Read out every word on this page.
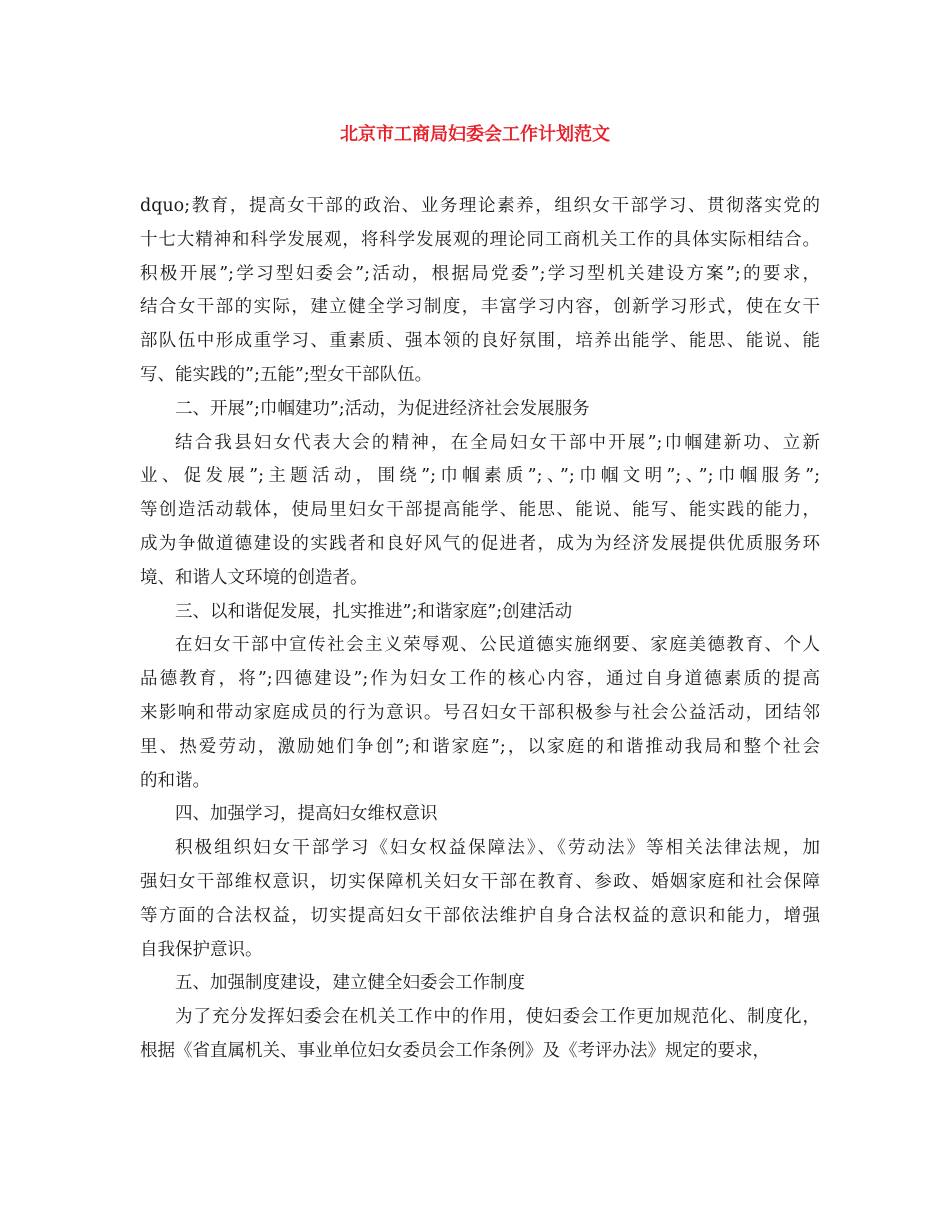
北京市工商局妇委会工作计划范文
dquo;教育，提高女干部的政治、业务理论素养，组织女干部学习、贯彻落实党的
十七大精神和科学发展观，将科学发展观的理论同工商机关工作的具体实际相结合。
积极开展”;学习型妇委会”;活动，根据局党委”;学习型机关建设方案”;的要求，
结合女干部的实际，建立健全学习制度，丰富学习内容，创新学习形式，使在女干
部队伍中形成重学习、重素质、强本领的良好氛围，培养出能学、能思、能说、能
写、能实践的”;五能”;型女干部队伍。
二、开展”;巾帼建功”;活动，为促进经济社会发展服务
结合我县妇女代表大会的精神，在全局妇女干部中开展”;巾帼建新功、立新
业、促发展”;主题活动，围绕”;巾帼素质”;、”;巾帼文明”;、”;巾帼服务”;
等创造活动载体，使局里妇女干部提高能学、能思、能说、能写、能实践的能力，
成为争做道德建设的实践者和良好风气的促进者，成为为经济发展提供优质服务环
境、和谐人文环境的创造者。
三、以和谐促发展，扎实推进”;和谐家庭”;创建活动
在妇女干部中宣传社会主义荣辱观、公民道德实施纲要、家庭美德教育、个人
品德教育，将”;四德建设”;作为妇女工作的核心内容，通过自身道德素质的提高
来影响和带动家庭成员的行为意识。号召妇女干部积极参与社会公益活动，团结邻
里、热爱劳动，激励她们争创”;和谐家庭”;，以家庭的和谐推动我局和整个社会
的和谐。
四、加强学习，提高妇女维权意识
积极组织妇女干部学习《妇女权益保障法》、《劳动法》等相关法律法规，加
强妇女干部维权意识，切实保障机关妇女干部在教育、参政、婚姻家庭和社会保障
等方面的合法权益，切实提高妇女干部依法维护自身合法权益的意识和能力，增强
自我保护意识。
五、加强制度建设，建立健全妇委会工作制度
为了充分发挥妇委会在机关工作中的作用，使妇委会工作更加规范化、制度化，
根据《省直属机关、事业单位妇女委员会工作条例》及《考评办法》规定的要求，
